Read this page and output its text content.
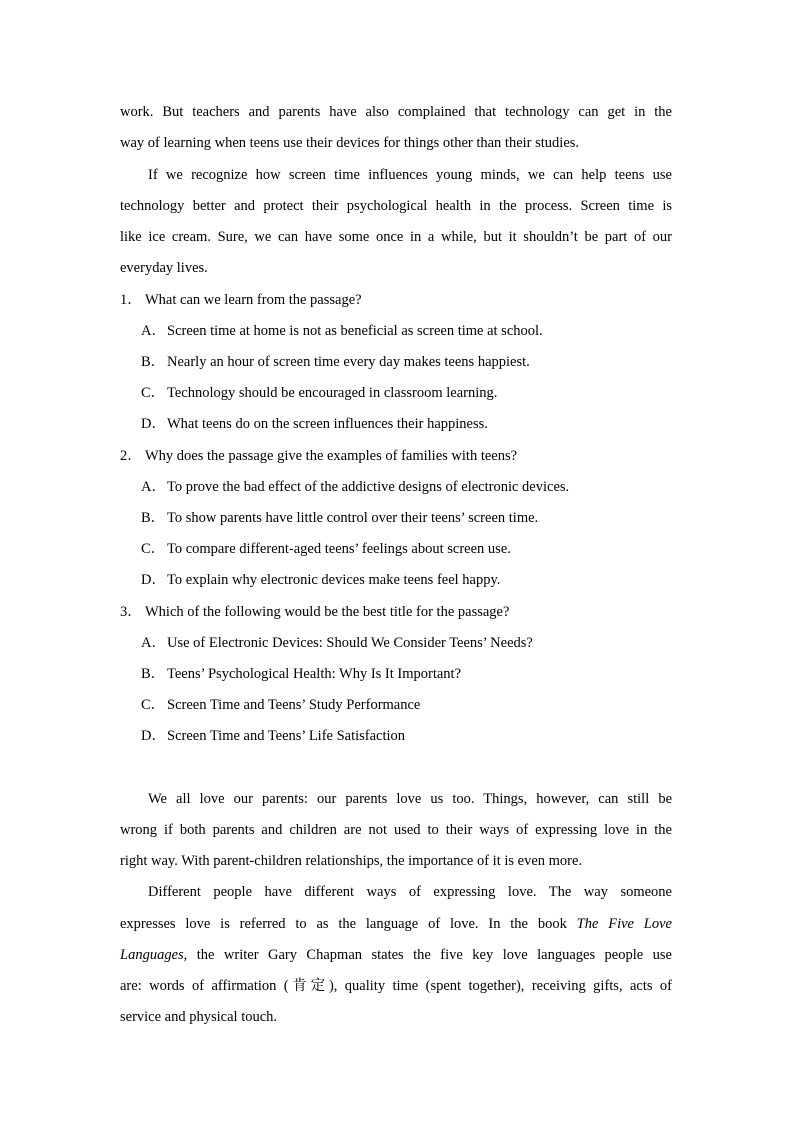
work. But teachers and parents have also complained that technology can get in the
way of learning when teens use their devices for things other than their studies.
If we recognize how screen time influences young minds, we can help teens use
technology better and protect their psychological health in the process. Screen time is
like ice cream. Sure, we can have some once in a while, but it shouldn’t be part of our
everyday lives.
1． What can we learn from the passage?
A．Screen time at home is not as beneficial as screen time at school.
B． Nearly an hour of screen time every day makes teens happiest.
C． Technology should be encouraged in classroom learning.
D．What teens do on the screen influences their happiness.
2． Why does the passage give the examples of families with teens?
A．To prove the bad effect of the addictive designs of electronic devices.
B． To show parents have little control over their teens’ screen time.
C． To compare different-aged teens’ feelings about screen use.
D．To explain why electronic devices make teens feel happy.
3． Which of the following would be the best title for the passage?
A．Use of Electronic Devices: Should We Consider Teens’ Needs?
B． Teens’ Psychological Health: Why Is It Important?
C． Screen Time and Teens’ Study Performance
D．Screen Time and Teens’ Life Satisfaction
We all love our parents: our parents love us too. Things, however, can still be
wrong if both parents and children are not used to their ways of expressing love in the
right way. With parent-children relationships, the importance of it is even more.
Different people have different ways of expressing love. The way someone
expresses love is referred to as the language of love. In the book The Five Love
Languages, the writer Gary Chapman states the five key love languages people use
are: words of affirmation (肯定), quality time (spent together), receiving gifts, acts of
service and physical touch.
